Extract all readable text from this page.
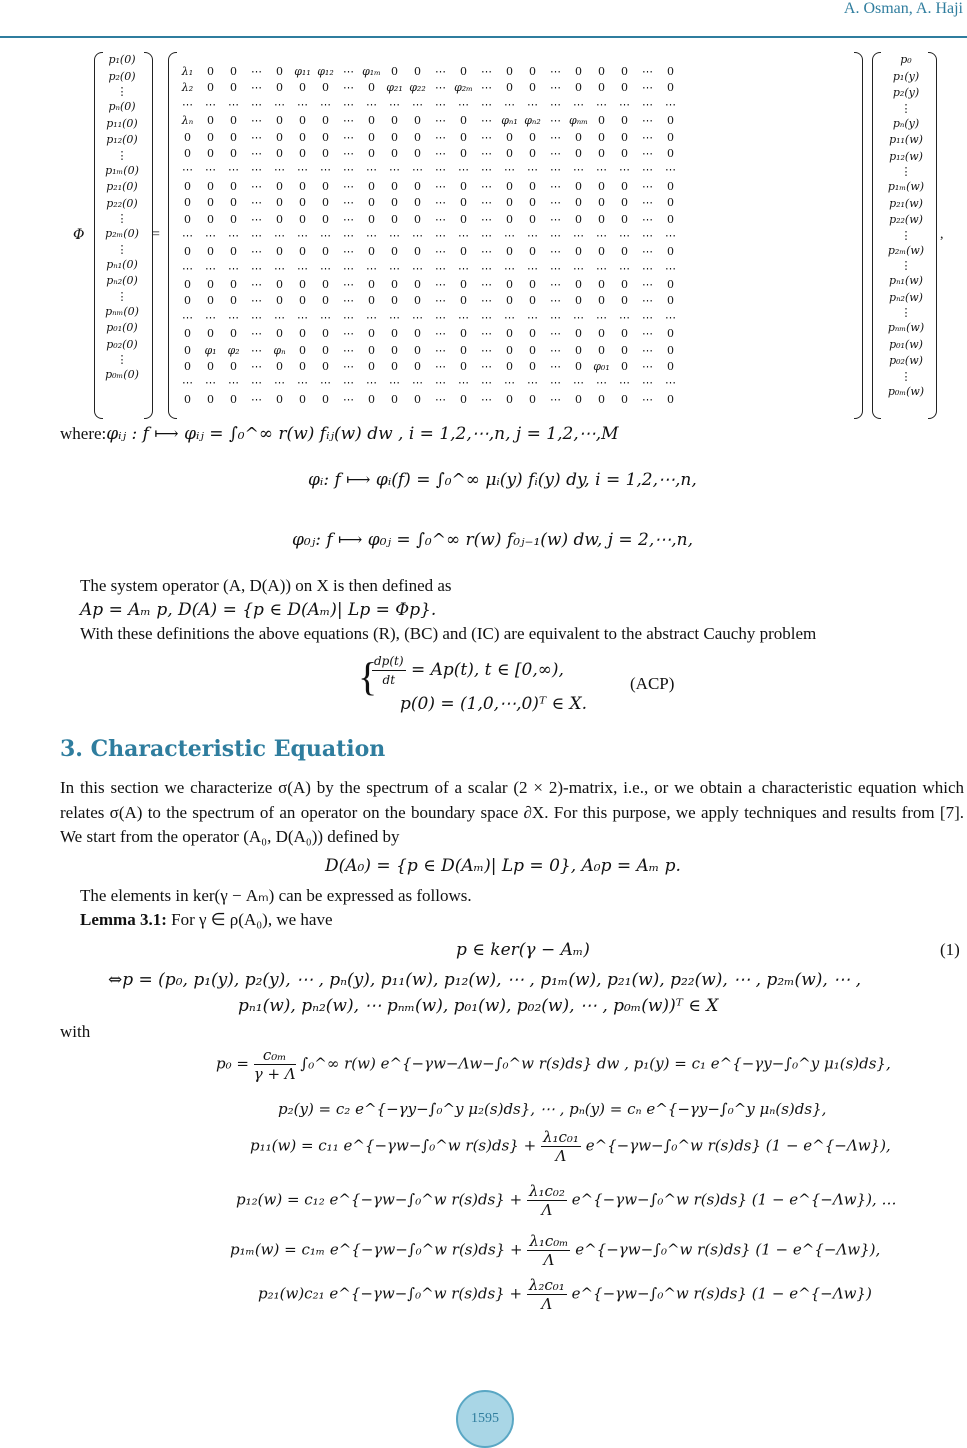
A. Osman, A. Haji
Φ
p₁(0)
p₂(0)
⋮
pₙ(0)
p₁₁(0)
p₁₂(0)
⋮
p₁ₘ(0)
p₂₁(0)
p₂₂(0)
⋮
p₂ₘ(0)
⋮
pₙ₁(0)
pₙ₂(0)
⋮
pₙₘ(0)
p₀₁(0)
p₀₂(0)
⋮
p₀ₘ(0)
=
λ₁	0	0	⋯	0	φ₁₁ φ₁₂ ⋯ φ₁ₘ 0	0	⋯	0	⋯	0	0	⋯	0	0	0	⋯	0
λ₂	0	0	⋯	0	0	0	⋯	0	φ₂₁ φ₂₂ ⋯ φ₂ₘ ⋯	0	0	⋯	0	0	0	⋯	0
⋯	⋯	⋯	⋯	⋯	⋯	⋯	⋯	⋯	⋯	⋯	⋯	⋯	⋯	⋯	⋯	⋯	⋯	⋯	⋯	⋯	⋯
λₙ	0	0	⋯	0	0	0	⋯	0	0	0	⋯	0	⋯ φₙ₁ φₙ₂ ⋯ φₙₘ 0	0	⋯	0
0	0	0	⋯	0	0	0	⋯	0	0	0	⋯	0	⋯	0	0	⋯	0	0	0	⋯	0
0	0	0	⋯	0	0	0	⋯	0	0	0	⋯	0	⋯	0	0	⋯	0	0	0	⋯	0
⋯	⋯	⋯	⋯	⋯	⋯	⋯	⋯	⋯	⋯	⋯	⋯	⋯	⋯	⋯	⋯	⋯	⋯	⋯	⋯	⋯	⋯
0	0	0	⋯	0	0	0	⋯	0	0	0	⋯	0	⋯	0	0	⋯	0	0	0	⋯	0
0	0	0	⋯	0	0	0	⋯	0	0	0	⋯	0	⋯	0	0	⋯	0	0	0	⋯	0
0	0	0	⋯	0	0	0	⋯	0	0	0	⋯	0	⋯	0	0	⋯	0	0	0	⋯	0
⋯	⋯	⋯	⋯	⋯	⋯	⋯	⋯	⋯	⋯	⋯	⋯	⋯	⋯	⋯	⋯	⋯	⋯	⋯	⋯	⋯	⋯
0	0	0	⋯	0	0	0	⋯	0	0	0	⋯	0	⋯	0	0	⋯	0	0	0	⋯	0
⋯	⋯	⋯	⋯	⋯	⋯	⋯	⋯	⋯	⋯	⋯	⋯	⋯	⋯	⋯	⋯	⋯	⋯	⋯	⋯	⋯	⋯
0	0	0	⋯	0	0	0	⋯	0	0	0	⋯	0	⋯	0	0	⋯	0	0	0	⋯	0
0	0	0	⋯	0	0	0	⋯	0	0	0	⋯	0	⋯	0	0	⋯	0	0	0	⋯	0
⋯	⋯	⋯	⋯	⋯	⋯	⋯	⋯	⋯	⋯	⋯	⋯	⋯	⋯	⋯	⋯	⋯	⋯	⋯	⋯	⋯	⋯
0	0	0	⋯	0	0	0	⋯	0	0	0	⋯	0	⋯	0	0	⋯	0	0	0	⋯	0
0	φ₁ φ₂	⋯	φₙ	0	0	⋯	0	0	0	⋯	0	⋯	0	0	⋯	0	0	0	⋯	0
0	0	0	⋯	0	0	0	⋯	0	0	0	⋯	0	⋯	0	0	⋯	0	φ₀₁	0	⋯	0
⋯	⋯	⋯	⋯	⋯	⋯	⋯	⋯	⋯	⋯	⋯	⋯	⋯	⋯	⋯	⋯	⋯	⋯	⋯	⋯	⋯	⋯
0	0	0	⋯	0	0	0	⋯	0	0	0	⋯	0	⋯	0	0	⋯	0	0	0	⋯	0
p₀
p₁(y)
p₂(y)
⋮
pₙ(y)
p₁₁(w)
p₁₂(w)
⋮
p₁ₘ(w)
p₂₁(w)
p₂₂(w)
⋮
p₂ₘ(w)
⋮
pₙ₁(w)
pₙ₂(w)
⋮
pₙₘ(w)
p₀₁(w)
p₀₂(w)
⋮
p₀ₘ(w)
,
where:φᵢⱼ : f ⟼ φᵢⱼ = ∫₀^∞ r(w) fᵢⱼ(w) dw , i = 1,2,⋯,n, j = 1,2,⋯,M
φᵢ: f ⟼ φᵢ(f) = ∫₀^∞ μᵢ(y) fᵢ(y) dy, i = 1,2,⋯,n,
φ₀ⱼ: f ⟼ φ₀ⱼ = ∫₀^∞ r(w) f₀ⱼ₋₁(w) dw, j = 2,⋯,n,
The system operator (A, D(A)) on X is then defined as
Ap = Aₘ p, D(A) = {p ∈ D(Aₘ)| Lp = Φp}.
With these definitions the above equations (R), (BC) and (IC) are equivalent to the abstract Cauchy problem
{
$\frac{dp(t)}{dt} = Ap(t)$, t ∈ [0,∞),
p(0) = (1,0,⋯,0)ᵀ ∈ X.
(ACP)
3. Characteristic Equation
In this section we characterize σ(A) by the spectrum of a scalar (2 × 2)-matrix, i.e., or we obtain a characteristic equation which relates σ(A) to the spectrum of an operator on the boundary space ∂X. For this purpose, we apply techniques and results from [7]. We start from the operator (A₀, D(A₀)) defined by
D(A₀) = {p ∈ D(Aₘ)| Lp = 0}, A₀p = Aₘ p.
The elements in ker(γ − Aₘ) can be expressed as follows.
Lemma 3.1: For γ ∈ ρ(A₀), we have
p ∈ ker(γ − Aₘ)	(1)
⇔p = (p₀, p₁(y), p₂(y), ⋯ , pₙ(y), p₁₁(w), p₁₂(w), ⋯ , p₁ₘ(w), p₂₁(w), p₂₂(w), ⋯ , p₂ₘ(w), ⋯ ,
pₙ₁(w), pₙ₂(w), ⋯ pₙₘ(w), p₀₁(w), p₀₂(w), ⋯ , p₀ₘ(w))ᵀ ∈ X
with
$p_0 = \frac{\text{c₀ₘ}}{\gamma + \Lambda}$ ∫₀^∞ r(w) e^{−γw−Λw−∫₀^w r(s)ds} dw , p₁(y) = c₁ e^{−γy−∫₀^y μ₁(s)ds},
p₂(y) = c₂ e^{−γy−∫₀^y μ₂(s)ds}, ⋯ , pₙ(y) = cₙ e^{−γy−∫₀^y μₙ(s)ds},
p₁₁(w) = c₁₁ e^{−γw−∫₀^w $r(s)ds\} + \frac{\text{λ₁c₀₁}}{\Lambda}$ e^{−γw−∫₀^w r(s)ds} (1 − e^{−Λw}),
p₁₂(w) = c₁₂ e^{−γw−∫₀^w $r(s)ds\} + \frac{\text{λ₁c₀₂}}{\Lambda}$ e^{−γw−∫₀^w r(s)ds} (1 − e^{−Λw}), …
p₁ₘ(w) = c₁ₘ e^{−γw−∫₀^w $r(s)ds\} + \frac{\text{λ₁c₀ₘ}}{\Lambda}$ e^{−γw−∫₀^w r(s)ds} (1 − e^{−Λw}),
p₂₁(w)c₂₁ e^{−γw−∫₀^w $r(s)ds\} + \frac{\text{λ₂c₀₁}}{\Lambda}$ e^{−γw−∫₀^w r(s)ds} (1 − e^{−Λw})
1595
